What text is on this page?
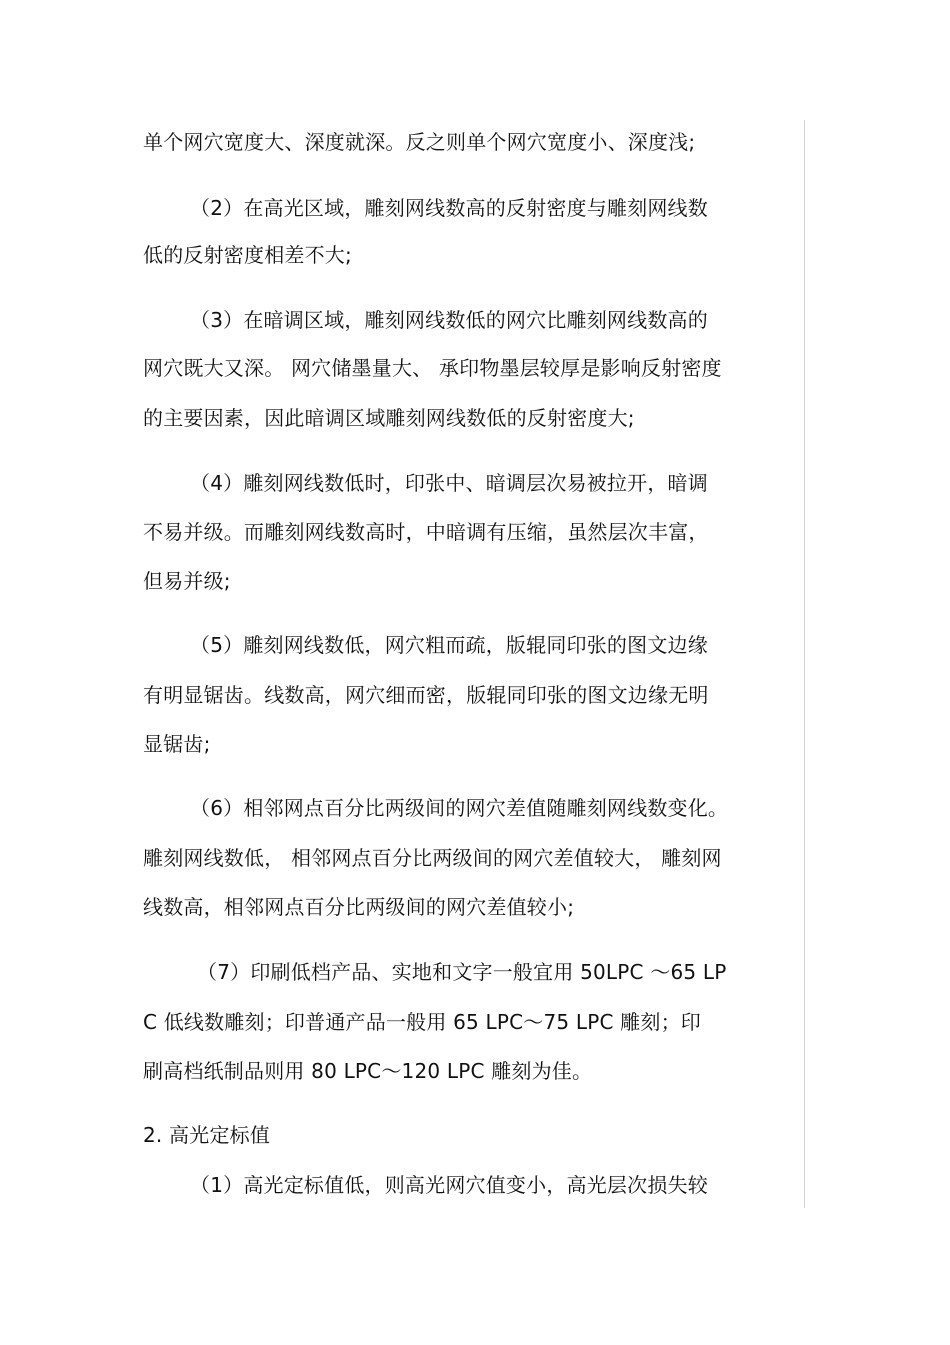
单个网穴宽度大、深度就深。反之则单个网穴宽度小、深度浅;
（2）在高光区域，雕刻网线数高的反射密度与雕刻网线数
低的反射密度相差不大;
（3）在暗调区域，雕刻网线数低的网穴比雕刻网线数高的
网穴既大又深。 网穴储墨量大、 承印物墨层较厚是影响反射密度
的主要因素，因此暗调区域雕刻网线数低的反射密度大;
（4）雕刻网线数低时，印张中、暗调层次易被拉开，暗调
不易并级。而雕刻网线数高时，中暗调有压缩，虽然层次丰富，
但易并级;
（5）雕刻网线数低，网穴粗而疏，版辊同印张的图文边缘
有明显锯齿。线数高，网穴细而密，版辊同印张的图文边缘无明
显锯齿;
（6）相邻网点百分比两级间的网穴差值随雕刻网线数变化。
雕刻网线数低， 相邻网点百分比两级间的网穴差值较大， 雕刻网
线数高，相邻网点百分比两级间的网穴差值较小;
（7）印刷低档产品、实地和文字一般宜用 50LPC ～65 LP
C 低线数雕刻；印普通产品一般用 65 LPC～75 LPC 雕刻；印
刷高档纸制品则用 80 LPC～120 LPC 雕刻为佳。
2. 高光定标值
（1）高光定标值低，则高光网穴值变小，高光层次损失较
